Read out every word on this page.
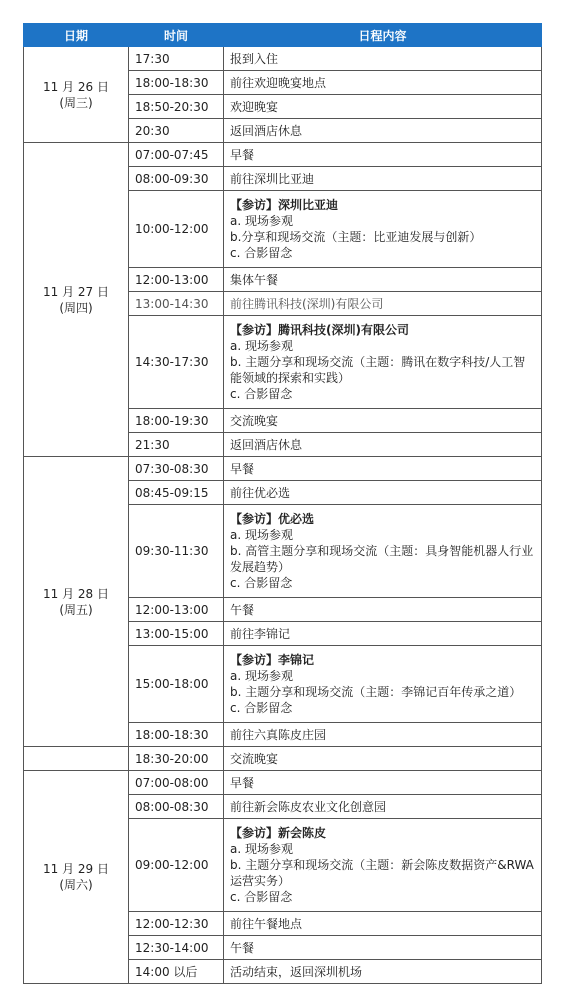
日期	时间	日程内容

11 月 26 日
(周三)	17:30	报到入住

	18:00-18:30	前往欢迎晚宴地点

	18:50-20:30	欢迎晚宴

	20:30	返回酒店休息

11 月 27 日
(周四)	07:00-07:45	早餐

	08:00-09:30	前往深圳比亚迪

	10:00-12:00	【参访】深圳比亚迪
a. 现场参观
b.分享和现场交流（主题：比亚迪发展与创新）
c. 合影留念

	12:00-13:00	集体午餐

	13:00-14:30	前往腾讯科技(深圳)有限公司

	14:30-17:30	【参访】腾讯科技(深圳)有限公司
a. 现场参观
b. 主题分享和现场交流（主题：腾讯在数字科技/人工智能领域的探索和实践）
c. 合影留念

	18:00-19:30	交流晚宴

	21:30	返回酒店休息

11 月 28 日
(周五)	07:30-08:30	早餐

	08:45-09:15	前往优必选

	09:30-11:30	【参访】优必选
a. 现场参观
b. 高管主题分享和现场交流（主题：具身智能机器人行业发展趋势）
c. 合影留念

	12:00-13:00	午餐

	13:00-15:00	前往李锦记

	15:00-18:00	【参访】李锦记
a. 现场参观
b. 主题分享和现场交流（主题：李锦记百年传承之道）
c. 合影留念

	18:00-18:30	前往六真陈皮庄园

	18:30-20:00	交流晚宴

11 月 29 日
(周六)	07:00-08:00	早餐

	08:00-08:30	前往新会陈皮农业文化创意园

	09:00-12:00	【参访】新会陈皮
a. 现场参观
b. 主题分享和现场交流（主题：新会陈皮数据资产&RWA运营实务）
c. 合影留念

	12:00-12:30	前往午餐地点

	12:30-14:00	午餐

	14:00 以后	活动结束，返回深圳机场
